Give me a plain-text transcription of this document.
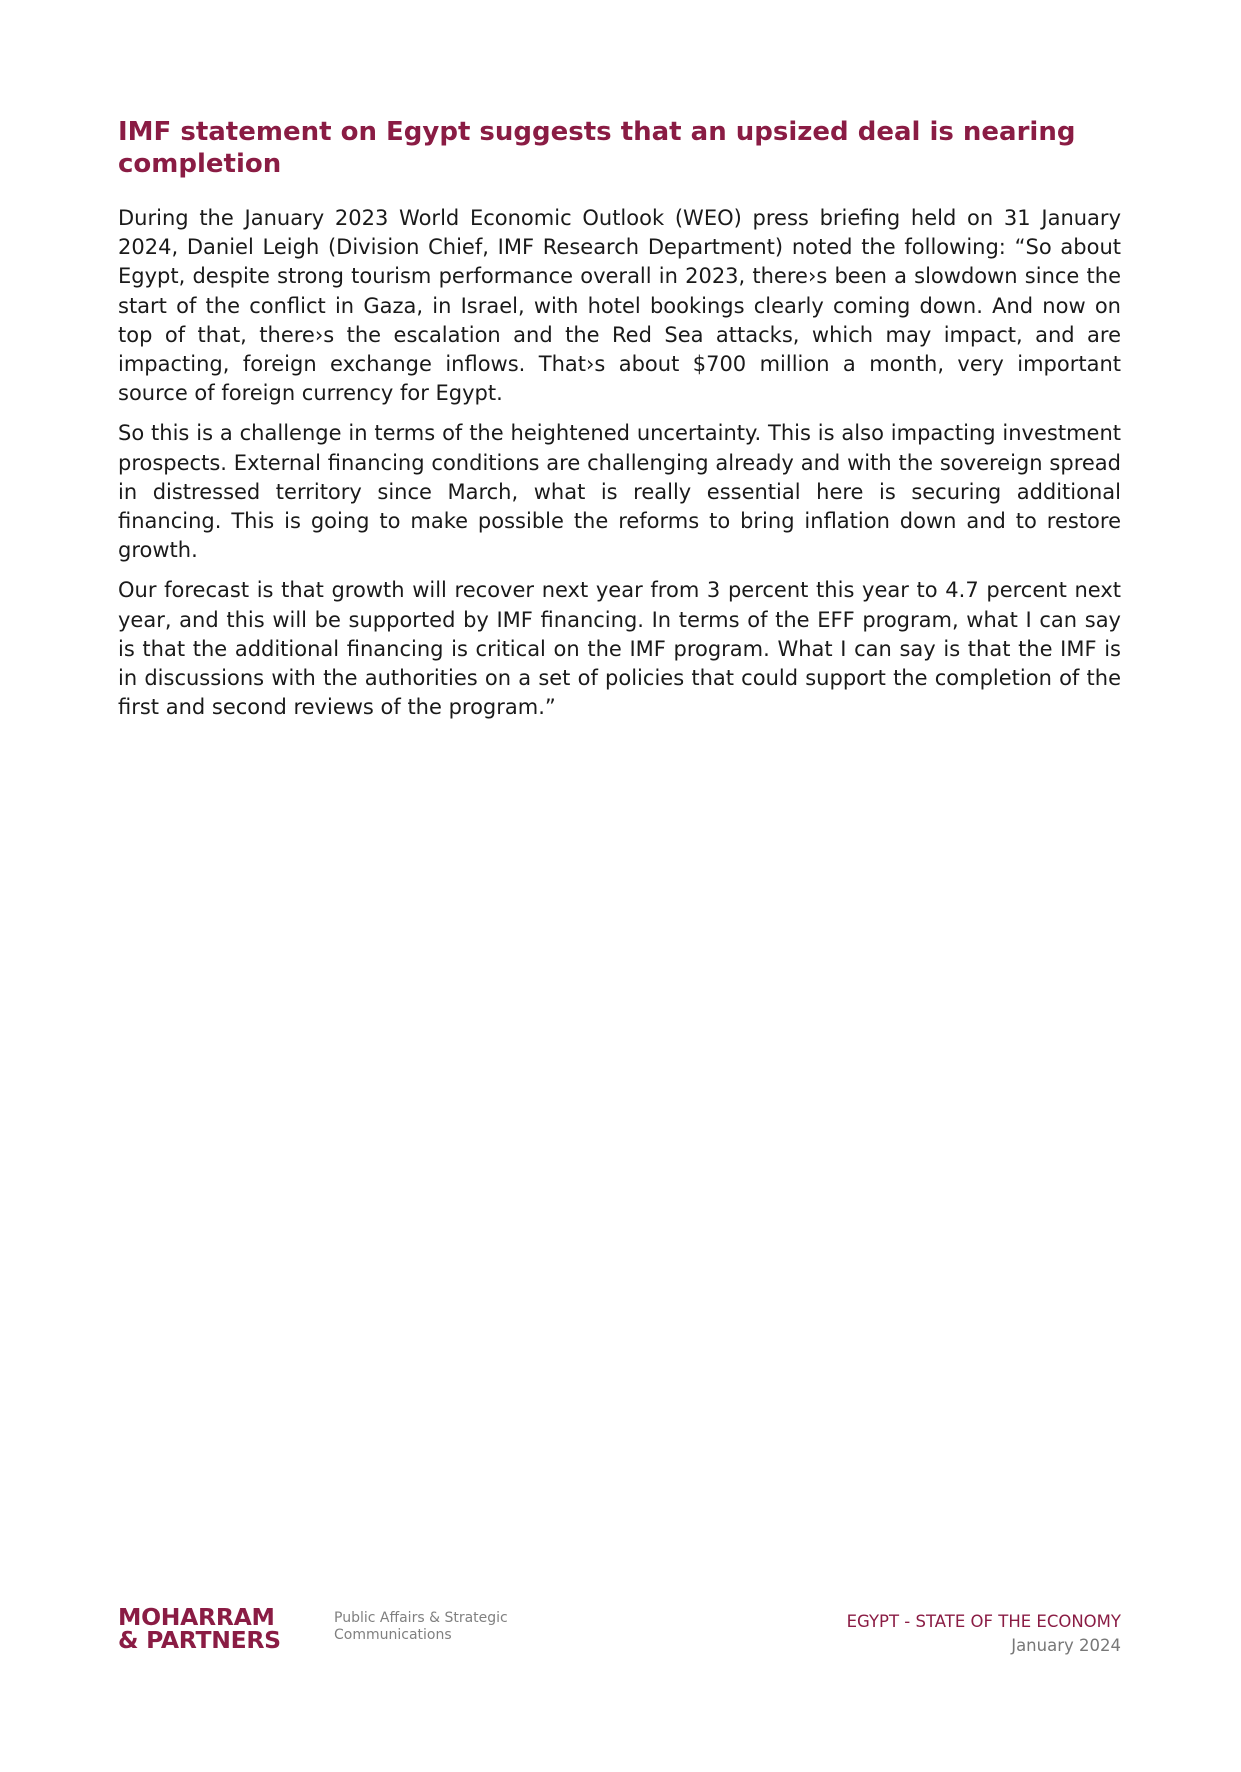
IMF statement on Egypt suggests that an upsized deal is nearing completion

During the January 2023 World Economic Outlook (WEO) press briefing held on 31 January 2024, Daniel Leigh (Division Chief, IMF Research Department) noted the following: “So about Egypt, despite strong tourism performance overall in 2023, there›s been a slowdown since the start of the conflict in Gaza, in Israel, with hotel bookings clearly coming down. And now on top of that, there›s the escalation and the Red Sea attacks, which may impact, and are impacting, foreign exchange inflows. That›s about $700 million a month, very important source of foreign currency for Egypt.

So this is a challenge in terms of the heightened uncertainty. This is also impacting investment prospects. External financing conditions are challenging already and with the sovereign spread in distressed territory since March, what is really essential here is securing additional financing. This is going to make possible the reforms to bring inflation down and to restore growth.

Our forecast is that growth will recover next year from 3 percent this year to 4.7 percent next year, and this will be supported by IMF financing. In terms of the EFF program, what I can say is that the additional financing is critical on the IMF program. What I can say is that the IMF is in discussions with the authorities on a set of policies that could support the completion of the first and second reviews of the program.”

MOHARRAM
& PARTNERS
Public Affairs & Strategic
Communications
EGYPT - STATE OF THE ECONOMY
January 2024
